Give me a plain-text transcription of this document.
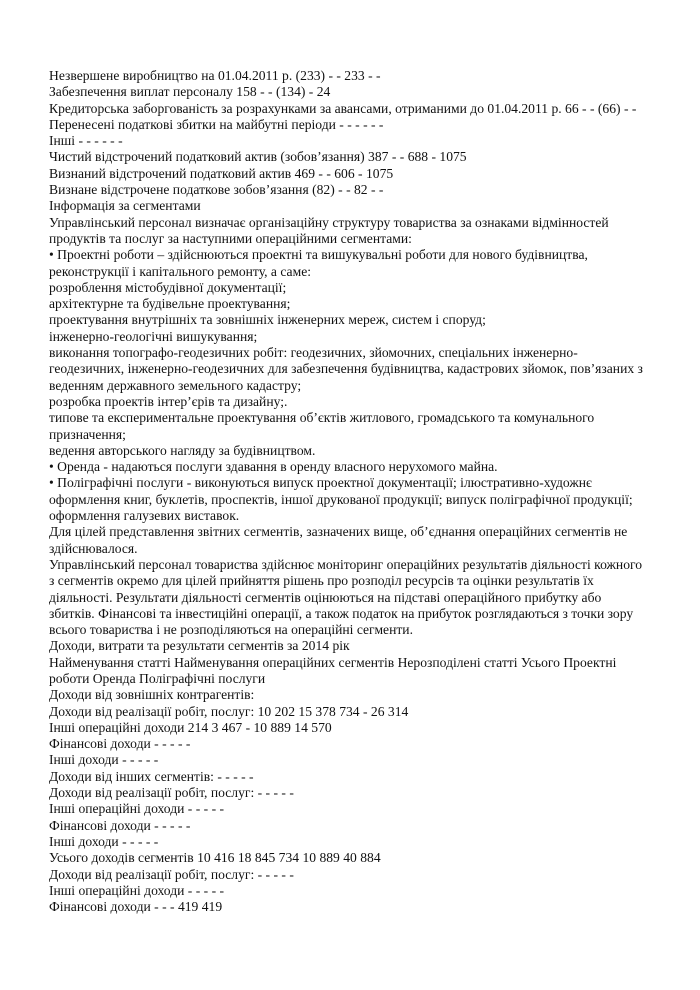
Незвершене виробництво на 01.04.2011 р. (233) - - 233 - -
Забезпечення виплат персоналу 158 - - (134) - 24
Кредиторська заборгованість за розрахунками за авансами, отриманими до 01.04.2011 р. 66 - - (66) - -
Перенесені податкові збитки на майбутні періоди - - - - - -
Інші - - - - - -
Чистий відстрочений податковий актив (зобов’язання) 387 - - 688 - 1075
Визнаний відстрочений податковий актив 469 - - 606 - 1075
Визнане відстрочене податкове зобов’язання (82) - - 82 - -
Інформація за сегментами
Управлінський персонал визначає організаційну структуру товариства за ознаками відмінностей продуктів та послуг за наступними операційними сегментами:
• Проектні роботи – здійснюються проектні та вишукувальні роботи для нового будівництва, реконструкції і капітального ремонту, а саме:
розроблення містобудівної документації;
архітектурне та будівельне проектування;
проектування внутрішніх та зовнішніх інженерних мереж, систем і споруд;
інженерно-геологічні вишукування;
виконання топографо-геодезичних робіт: геодезичних, зйомочних, спеціальних інженерно-геодезичних, інженерно-геодезичних для забезпечення будівництва, кадастрових зйомок, пов’язаних з веденням державного земельного кадастру;
розробка проектів інтер’єрів та дизайну;.
типове та експериментальне проектування об’єктів житлового, громадського та комунального призначення;
ведення авторського нагляду за будівництвом.
• Оренда - надаються послуги здавання в оренду власного нерухомого майна.
• Поліграфічні послуги - виконуються випуск проектної документації; ілюстративно-художнє оформлення книг, буклетів, проспектів, іншої друкованої продукції; випуск поліграфічної продукції; оформлення галузевих виставок.
Для цілей представлення звітних сегментів, зазначених вище, об’єднання операційних сегментів не здійснювалося.
Управлінський персонал товариства здійснює моніторинг операційних результатів діяльності кожного з сегментів окремо для цілей прийняття рішень про розподіл ресурсів та оцінки результатів їх діяльності. Результати діяльності сегментів оцінюються на підставі операційного прибутку або збитків. Фінансові та інвестиційні операції, а також податок на прибуток розглядаються з точки зору всього товариства і не розподіляються на операційні сегменти.
Доходи, витрати та результати сегментів за 2014 рік
Найменування статті Найменування операційних сегментів Нерозподілені статті Усього Проектні роботи Оренда Поліграфічні послуги
Доходи від зовнішніх контрагентів:
Доходи від реалізації робіт, послуг: 10 202 15 378 734 - 26 314
Інші операційні доходи 214 3 467 - 10 889 14 570
Фінансові доходи - - - - -
Інші доходи - - - - -
Доходи від інших сегментів: - - - - -
Доходи від реалізації робіт, послуг: - - - - -
Інші операційні доходи - - - - -
Фінансові доходи - - - - -
Інші доходи - - - - -
Усього доходів сегментів 10 416 18 845 734 10 889 40 884
Доходи від реалізації робіт, послуг: - - - - -
Інші операційні доходи - - - - -
Фінансові доходи - - - 419 419
